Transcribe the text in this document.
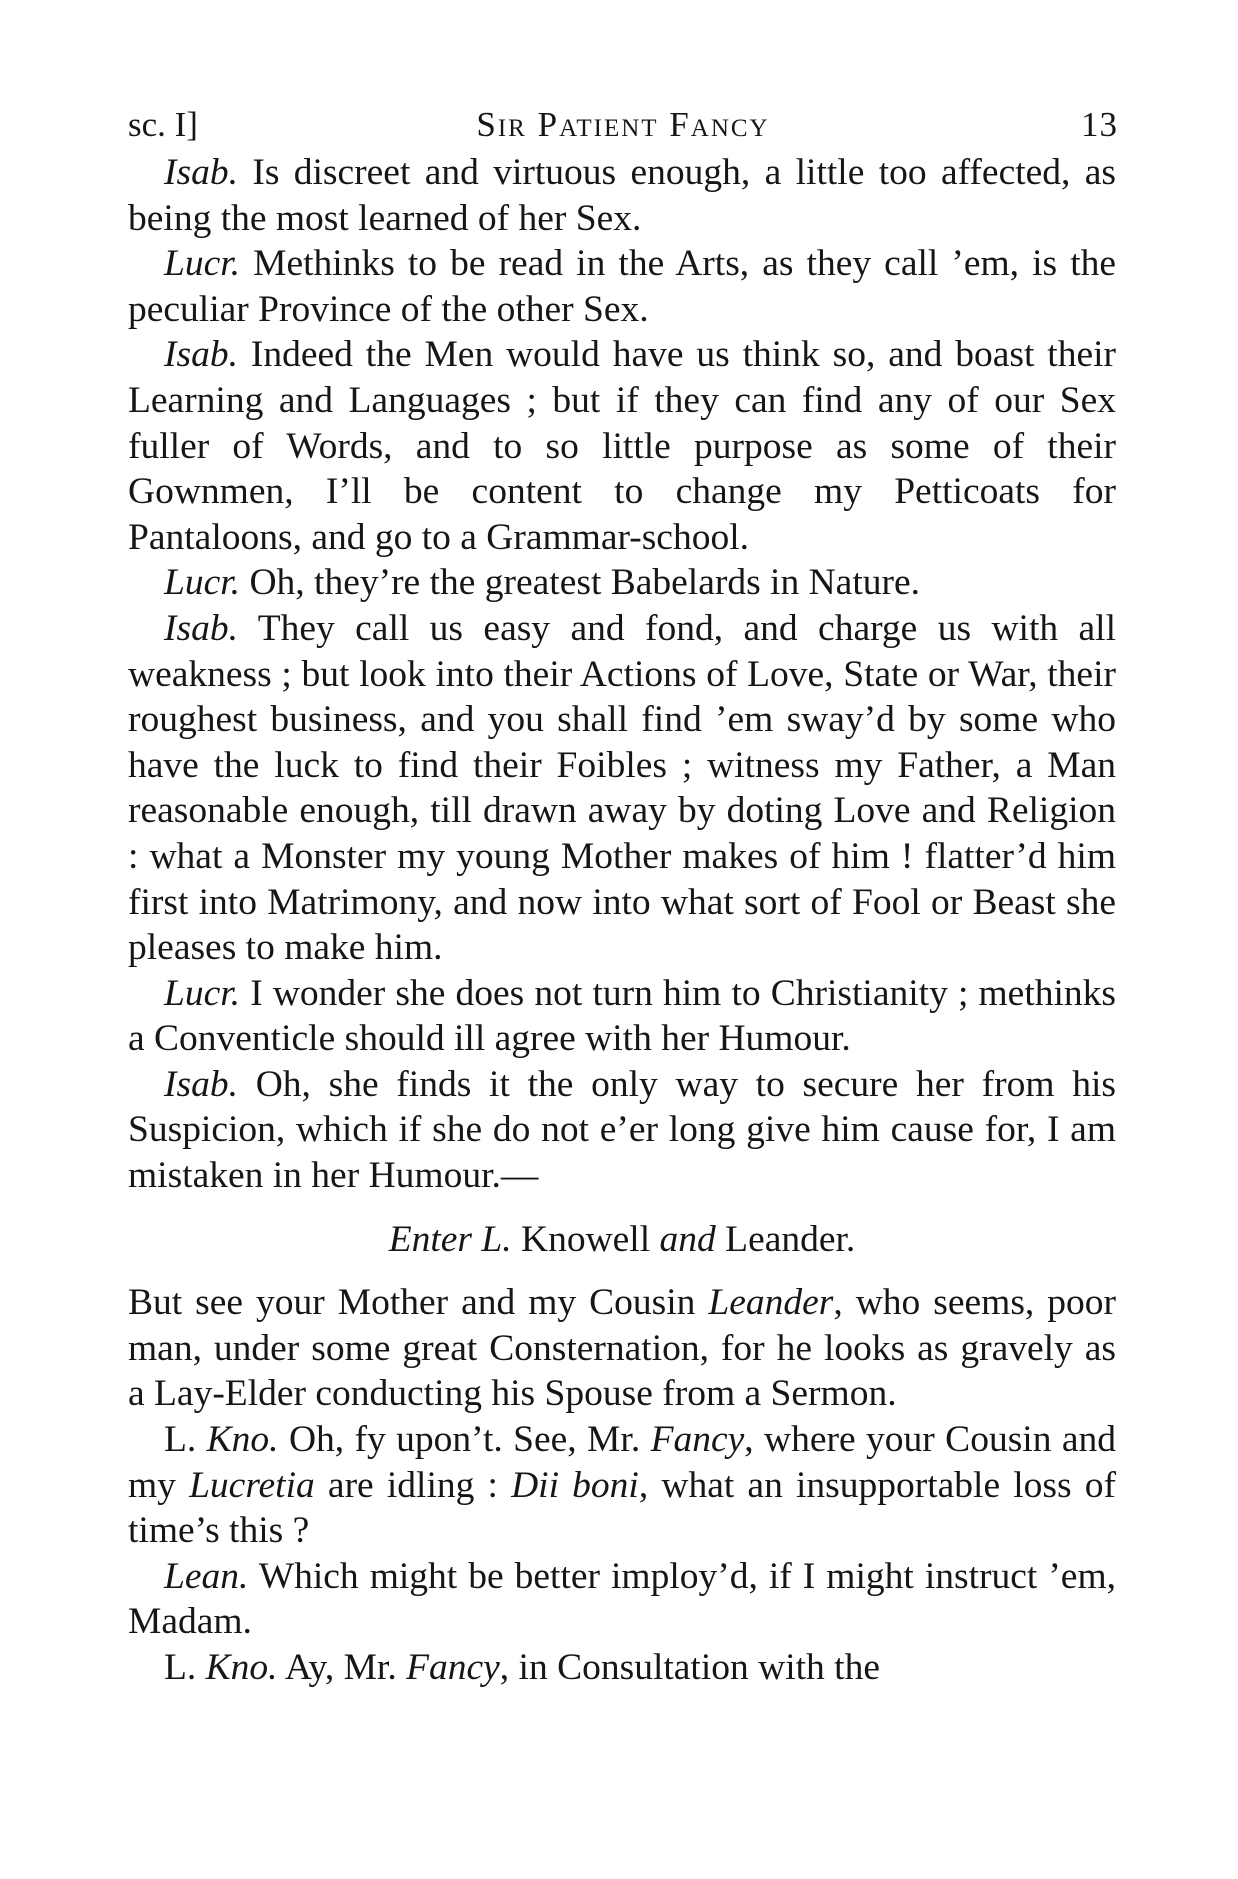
sc. I]	Sir Patient Fancy	13

Isab. Is discreet and virtuous enough, a little too affected, as being the most learned of her Sex.

Lucr. Methinks to be read in the Arts, as they call ’em, is the peculiar Province of the other Sex.

Isab. Indeed the Men would have us think so, and boast their Learning and Languages ; but if they can find any of our Sex fuller of Words, and to so little purpose as some of their Gownmen, I’ll be content to change my Petticoats for Pantaloons, and go to a Grammar-school.

Lucr. Oh, they’re the greatest Babelards in Nature.

Isab. They call us easy and fond, and charge us with all weakness ; but look into their Actions of Love, State or War, their roughest business, and you shall find ’em sway’d by some who have the luck to find their Foibles ; witness my Father, a Man reasonable enough, till drawn away by doting Love and Religion : what a Monster my young Mother makes of him ! flatter’d him first into Matrimony, and now into what sort of Fool or Beast she pleases to make him.

Lucr. I wonder she does not turn him to Christianity ; methinks a Conventicle should ill agree with her Humour.

Isab. Oh, she finds it the only way to secure her from his Suspicion, which if she do not e’er long give him cause for, I am mistaken in her Humour.—

Enter L. Knowell and Leander.

But see your Mother and my Cousin Leander, who seems, poor man, under some great Consternation, for he looks as gravely as a Lay-Elder conducting his Spouse from a Sermon.

L. Kno. Oh, fy upon’t. See, Mr. Fancy, where your Cousin and my Lucretia are idling : Dii boni, what an insupportable loss of time’s this ?

Lean. Which might be better imploy’d, if I might instruct ’em, Madam.

L. Kno. Ay, Mr. Fancy, in Consultation with the
